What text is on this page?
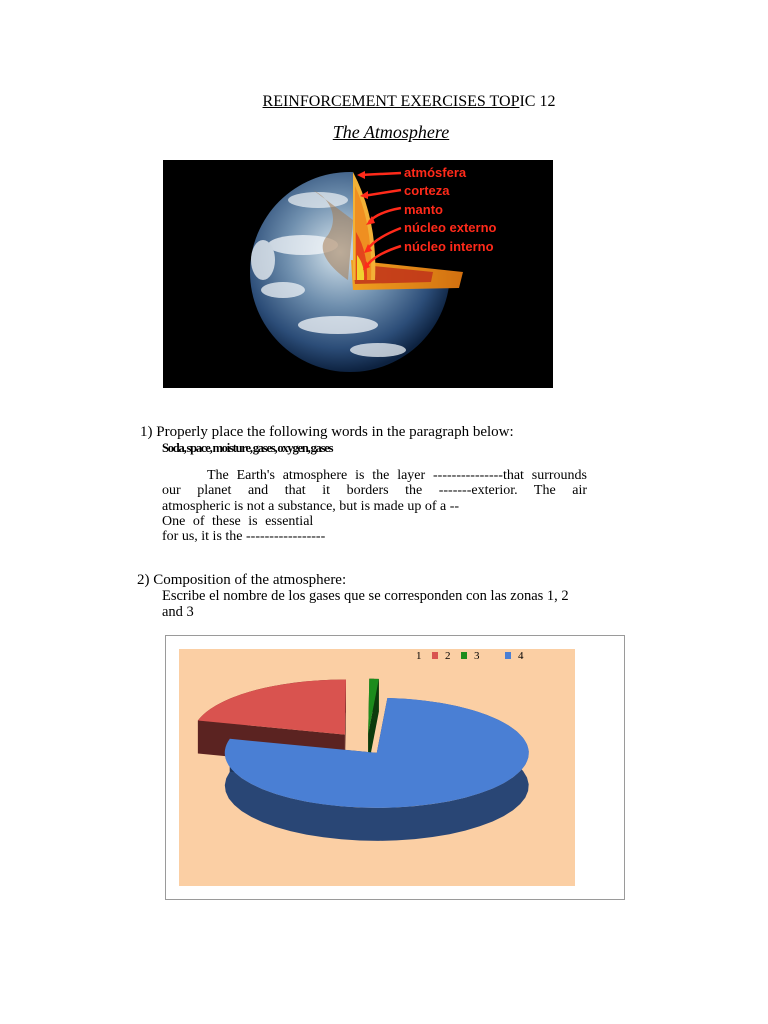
REINFORCEMENT EXERCISES TOPIC 12
The Atmosphere
atmósfera
corteza
manto
núcleo externo
núcleo interno
1) Properly place the following words in the paragraph below:
Soda, space, moisture, gases, oxygen, gases
The Earth's atmosphere is the layer ---------------that surrounds
our planet and that it borders the -------exterior. The air
atmospheric is not a substance, but is made up of a --
One of these is essential
for us, it is the -----------------
2) Composition of the atmosphere:
Escribe el nombre de los gases que se corresponden con las zonas 1, 2 and 3
1 2 3	4
